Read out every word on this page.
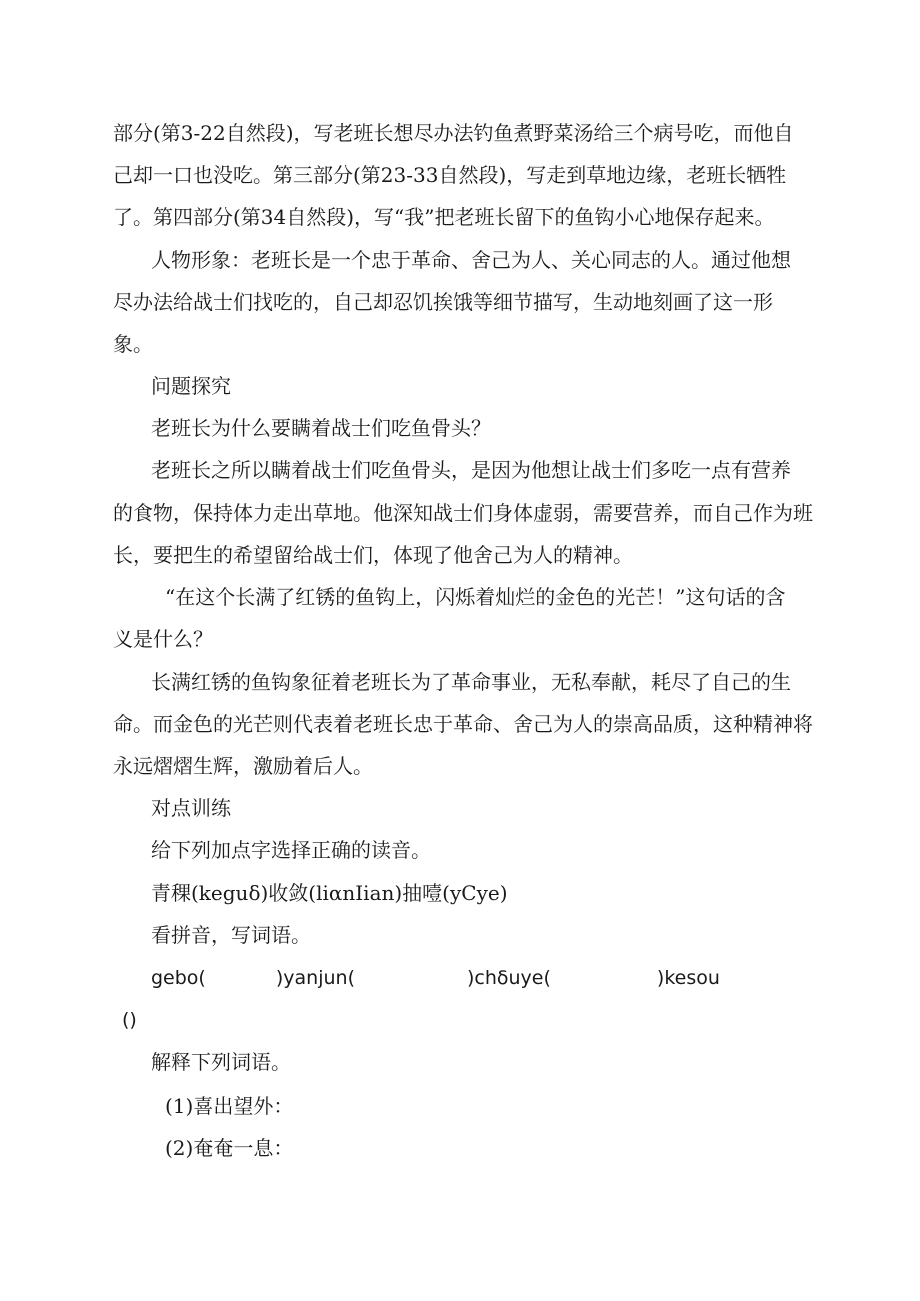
部分(第3-22自然段)，写老班长想尽办法钓鱼煮野菜汤给三个病号吃，而他自
己却一口也没吃。第三部分(第23-33自然段)，写走到草地边缘，老班长牺牲
了。第四部分(第34自然段)，写“我”把老班长留下的鱼钩小心地保存起来。
人物形象：老班长是一个忠于革命、舍己为人、关心同志的人。通过他想
尽办法给战士们找吃的，自己却忍饥挨饿等细节描写，生动地刻画了这一形
象。
问题探究
老班长为什么要瞒着战士们吃鱼骨头？
老班长之所以瞒着战士们吃鱼骨头，是因为他想让战士们多吃一点有营养
的食物，保持体力走出草地。他深知战士们身体虚弱，需要营养，而自己作为班
长，要把生的希望留给战士们，体现了他舍己为人的精神。
“在这个长满了红锈的鱼钩上，闪烁着灿烂的金色的光芒！”这句话的含
义是什么？
长满红锈的鱼钩象征着老班长为了革命事业，无私奉献，耗尽了自己的生
命。而金色的光芒则代表着老班长忠于革命、舍己为人的崇高品质，这种精神将
永远熠熠生辉，激励着后人。
对点训练
给下列加点字选择正确的读音。
青稞(keguδ)收敛(liαnIian)抽噎(yCye)
看拼音，写词语。
gebo(	)yanjun(	)chδuye(	)kesou
()
解释下列词语。
(1)喜出望外：
(2)奄奄一息：
